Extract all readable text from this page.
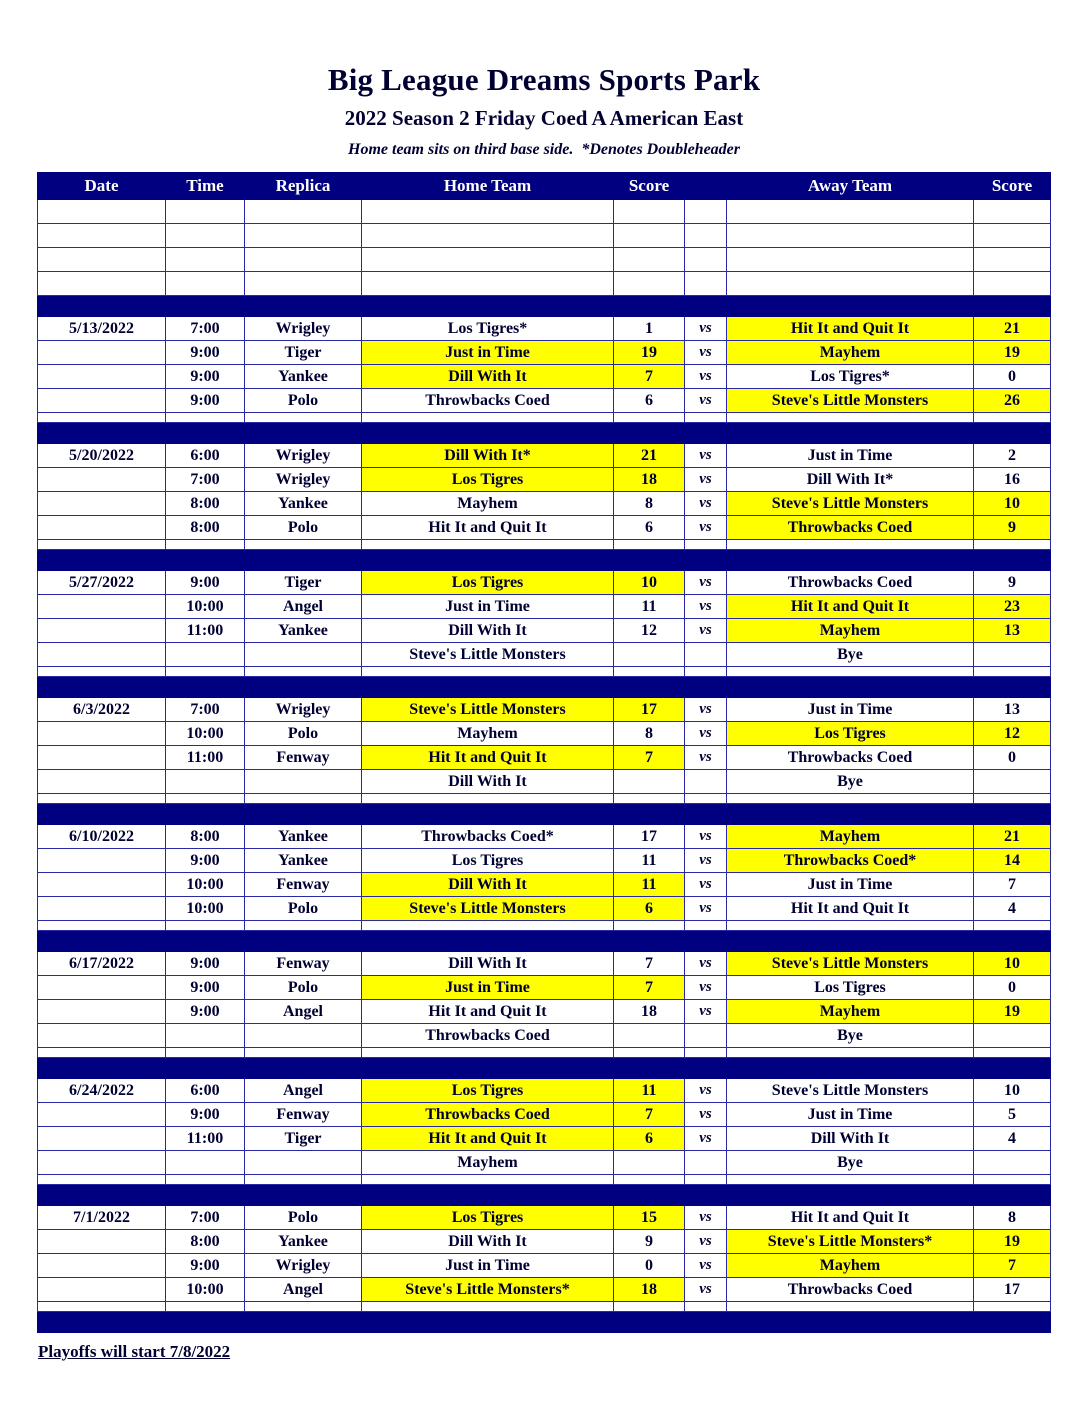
Big League Dreams Sports Park
2022 Season 2 Friday Coed A American East
Home team sits on third base side.  *Denotes Doubleheader
Date	Time	Replica	Home Team	Score		Away Team	Score

5/13/2022	7:00	Wrigley	Los Tigres*	1	vs	Hit It and Quit It	21
	9:00	Tiger	Just in Time	19	vs	Mayhem	19
	9:00	Yankee	Dill With It	7	vs	Los Tigres*	0
	9:00	Polo	Throwbacks Coed	6	vs	Steve's Little Monsters	26

5/20/2022	6:00	Wrigley	Dill With It*	21	vs	Just in Time	2
	7:00	Wrigley	Los Tigres	18	vs	Dill With It*	16
	8:00	Yankee	Mayhem	8	vs	Steve's Little Monsters	10
	8:00	Polo	Hit It and Quit It	6	vs	Throwbacks Coed	9

5/27/2022	9:00	Tiger	Los Tigres	10	vs	Throwbacks Coed	9
	10:00	Angel	Just in Time	11	vs	Hit It and Quit It	23
	11:00	Yankee	Dill With It	12	vs	Mayhem	13
			Steve's Little Monsters			Bye	

6/3/2022	7:00	Wrigley	Steve's Little Monsters	17	vs	Just in Time	13
	10:00	Polo	Mayhem	8	vs	Los Tigres	12
	11:00	Fenway	Hit It and Quit It	7	vs	Throwbacks Coed	0
			Dill With It			Bye	

6/10/2022	8:00	Yankee	Throwbacks Coed*	17	vs	Mayhem	21
	9:00	Yankee	Los Tigres	11	vs	Throwbacks Coed*	14
	10:00	Fenway	Dill With It	11	vs	Just in Time	7
	10:00	Polo	Steve's Little Monsters	6	vs	Hit It and Quit It	4

6/17/2022	9:00	Fenway	Dill With It	7	vs	Steve's Little Monsters	10
	9:00	Polo	Just in Time	7	vs	Los Tigres	0
	9:00	Angel	Hit It and Quit It	18	vs	Mayhem	19
			Throwbacks Coed			Bye	

6/24/2022	6:00	Angel	Los Tigres	11	vs	Steve's Little Monsters	10
	9:00	Fenway	Throwbacks Coed	7	vs	Just in Time	5
	11:00	Tiger	Hit It and Quit It	6	vs	Dill With It	4
			Mayhem			Bye	

7/1/2022	7:00	Polo	Los Tigres	15	vs	Hit It and Quit It	8
	8:00	Yankee	Dill With It	9	vs	Steve's Little Monsters*	19
	9:00	Wrigley	Just in Time	0	vs	Mayhem	7
	10:00	Angel	Steve's Little Monsters*	18	vs	Throwbacks Coed	17

Playoffs will start 7/8/2022
